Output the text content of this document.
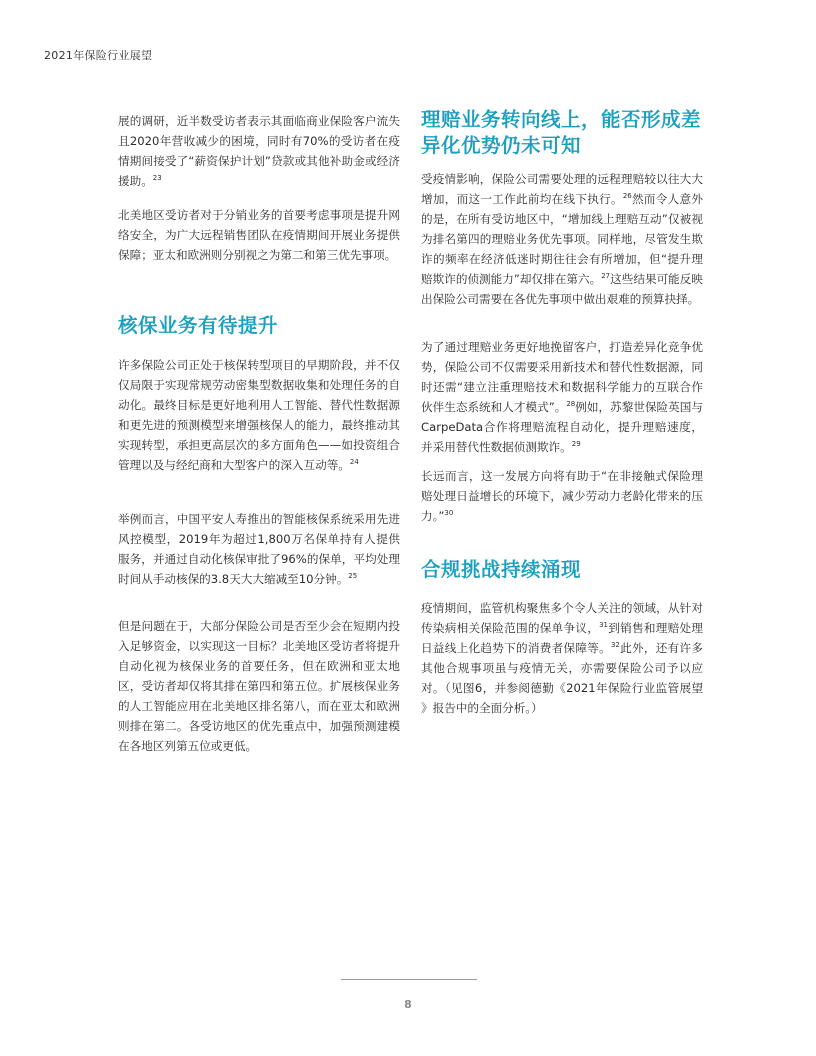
2021年保险行业展望

展的调研，近半数受访者表示其面临商业保险客户流失且2020年营收减少的困境，同时有70%的受访者在疫情期间接受了“薪资保护计划”贷款或其他补助金或经济援助。$^{23}$

北美地区受访者对于分销业务的首要考虑事项是提升网络安全，为广大远程销售团队在疫情期间开展业务提供保障；亚太和欧洲则分别视之为第二和第三优先事项。

核保业务有待提升

许多保险公司正处于核保转型项目的早期阶段，并不仅仅局限于实现常规劳动密集型数据收集和处理任务的自动化。最终目标是更好地利用人工智能、替代性数据源和更先进的预测模型来增强核保人的能力，最终推动其实现转型，承担更高层次的多方面角色——如投资组合管理以及与经纪商和大型客户的深入互动等。$^{24}$

举例而言，中国平安人寿推出的智能核保系统采用先进风控模型，2019年为超过1,800万名保单持有人提供服务，并通过自动化核保审批了96%的保单，平均处理时间从手动核保的3.8天大大缩减至10分钟。$^{25}$

但是问题在于，大部分保险公司是否至少会在短期内投入足够资金，以实现这一目标？北美地区受访者将提升自动化视为核保业务的首要任务，但在欧洲和亚太地区，受访者却仅将其排在第四和第五位。扩展核保业务的人工智能应用在北美地区排名第八，而在亚太和欧洲则排在第二。各受访地区的优先重点中，加强预测建模在各地区列第五位或更低。

理赔业务转向线上，能否形成差异化优势仍未可知

受疫情影响，保险公司需要处理的远程理赔较以往大大增加，而这一工作此前均在线下执行。$^{26}$然而令人意外的是，在所有受访地区中，“增加线上理赔互动”仅被视为排名第四的理赔业务优先事项。同样地，尽管发生欺诈的频率在经济低迷时期往往会有所增加，但“提升理赔欺诈的侦测能力”却仅排在第六。$^{27}$这些结果可能反映出保险公司需要在各优先事项中做出艰难的预算抉择。

为了通过理赔业务更好地挽留客户，打造差异化竞争优势，保险公司不仅需要采用新技术和替代性数据源，同时还需“建立注重理赔技术和数据科学能力的互联合作伙伴生态系统和人才模式”。$^{28}$例如，苏黎世保险英国与CarpeData合作将理赔流程自动化，提升理赔速度，并采用替代性数据侦测欺诈。$^{29}$

长远而言，这一发展方向将有助于“在非接触式保险理赔处理日益增长的环境下，减少劳动力老龄化带来的压力。”$^{30}$

合规挑战持续涌现

疫情期间，监管机构聚焦多个令人关注的领域，从针对传染病相关保险范围的保单争议，$^{31}$到销售和理赔处理日益线上化趋势下的消费者保障等。$^{32}$此外，还有许多其他合规事项虽与疫情无关，亦需要保险公司予以应对。（见图6，并参阅德勤《2021年保险行业监管展望 》报告中的全面分析。）

8
